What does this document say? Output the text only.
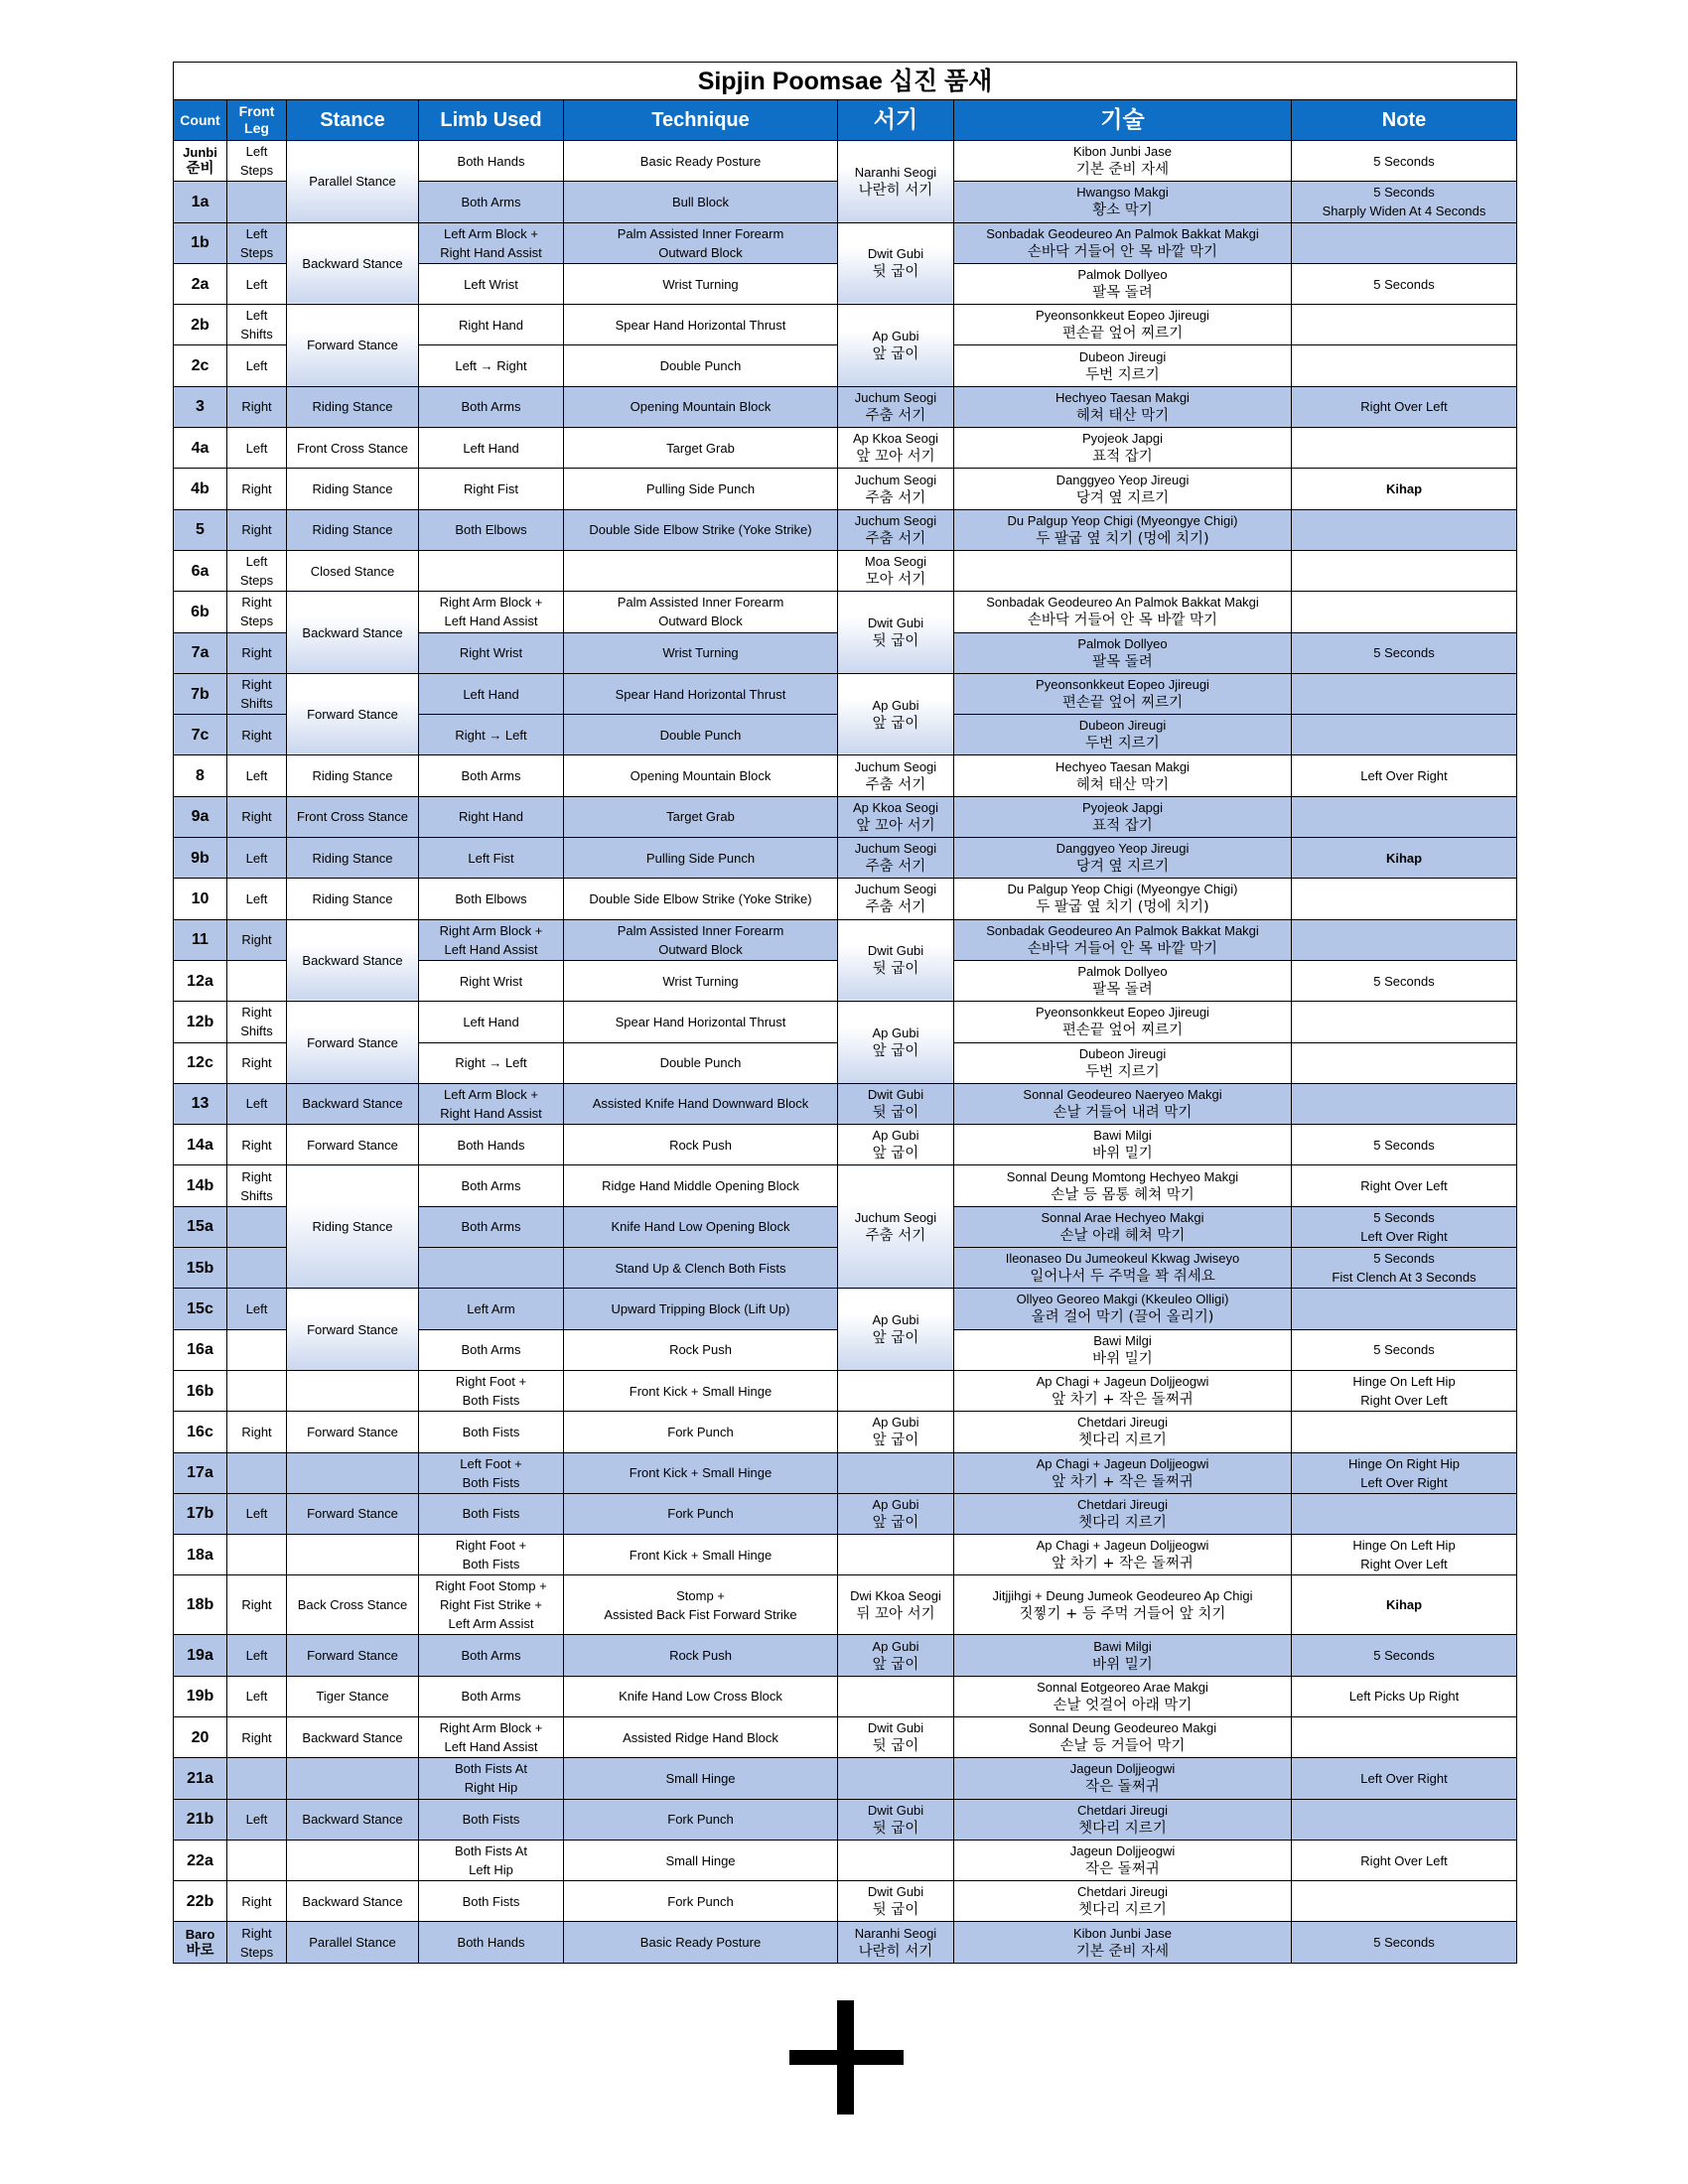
Sipjin Poomsae 십진 품새							
Count	Front Leg	Stance	Limb Used	Technique	서기	기술	Note

Junbi
준비	Left
Steps	Parallel Stance	Both Hands	Basic Ready Posture	Naranhi Seogi
나란히 서기	Kibon Junbi Jase
기본 준비 자세	5 Seconds

1a			Both Arms	Bull Block		Hwangso Makgi
황소 막기	5 Seconds
Sharply Widen At 4 Seconds

1b	Left
Steps	Backward Stance	Left Arm Block +
Right Hand Assist	Palm Assisted Inner Forearm
Outward Block	Dwit Gubi
뒷 굽이	Sonbadak Geodeureo An Palmok Bakkat Makgi
손바닥 거들어 안 목 바깥 막기	

2a	Left		Left Wrist	Wrist Turning		Palmok Dollyeo
팔목 돌려	5 Seconds

2b	Left
Shifts	Forward Stance	Right Hand	Spear Hand Horizontal Thrust	Ap Gubi
앞 굽이	Pyeonsonkkeut Eopeo Jjireugi
편손끝 엎어 찌르기	

2c	Left		Left → Right	Double Punch		Dubeon Jireugi
두번 지르기	

3	Right	Riding Stance	Both Arms	Opening Mountain Block	Juchum Seogi
주춤 서기	Hechyeo Taesan Makgi
헤쳐 태산 막기	Right Over Left

4a	Left	Front Cross Stance	Left Hand	Target Grab	Ap Kkoa Seogi
앞 꼬아 서기	Pyojeok Japgi
표적 잡기	

4b	Right	Riding Stance	Right Fist	Pulling Side Punch	Juchum Seogi
주춤 서기	Danggyeo Yeop Jireugi
당겨 옆 지르기	Kihap

5	Right	Riding Stance	Both Elbows	Double Side Elbow Strike (Yoke Strike)	Juchum Seogi
주춤 서기	Du Palgup Yeop Chigi (Myeongye Chigi)
두 팔굽 옆 치기 (멍에 치기)	

6a	Left
Steps	Closed Stance			Moa Seogi
모아 서기		

6b	Right
Steps	Backward Stance	Right Arm Block +
Left Hand Assist	Palm Assisted Inner Forearm
Outward Block	Dwit Gubi
뒷 굽이	Sonbadak Geodeureo An Palmok Bakkat Makgi
손바닥 거들어 안 목 바깥 막기	

7a	Right		Right Wrist	Wrist Turning		Palmok Dollyeo
팔목 돌려	5 Seconds

7b	Right
Shifts	Forward Stance	Left Hand	Spear Hand Horizontal Thrust	Ap Gubi
앞 굽이	Pyeonsonkkeut Eopeo Jjireugi
편손끝 엎어 찌르기	

7c	Right		Right → Left	Double Punch		Dubeon Jireugi
두번 지르기	

8	Left	Riding Stance	Both Arms	Opening Mountain Block	Juchum Seogi
주춤 서기	Hechyeo Taesan Makgi
헤쳐 태산 막기	Left Over Right

9a	Right	Front Cross Stance	Right Hand	Target Grab	Ap Kkoa Seogi
앞 꼬아 서기	Pyojeok Japgi
표적 잡기	

9b	Left	Riding Stance	Left Fist	Pulling Side Punch	Juchum Seogi
주춤 서기	Danggyeo Yeop Jireugi
당겨 옆 지르기	Kihap

10	Left	Riding Stance	Both Elbows	Double Side Elbow Strike (Yoke Strike)	Juchum Seogi
주춤 서기	Du Palgup Yeop Chigi (Myeongye Chigi)
두 팔굽 옆 치기 (멍에 치기)	

11	Right	Backward Stance	Right Arm Block +
Left Hand Assist	Palm Assisted Inner Forearm
Outward Block	Dwit Gubi
뒷 굽이	Sonbadak Geodeureo An Palmok Bakkat Makgi
손바닥 거들어 안 목 바깥 막기	

12a			Right Wrist	Wrist Turning		Palmok Dollyeo
팔목 돌려	5 Seconds

12b	Right
Shifts	Forward Stance	Left Hand	Spear Hand Horizontal Thrust	Ap Gubi
앞 굽이	Pyeonsonkkeut Eopeo Jjireugi
편손끝 엎어 찌르기	

12c	Right		Right → Left	Double Punch		Dubeon Jireugi
두번 지르기	

13	Left	Backward Stance	Left Arm Block +
Right Hand Assist	Assisted Knife Hand Downward Block	Dwit Gubi
뒷 굽이	Sonnal Geodeureo Naeryeo Makgi
손날 거들어 내려 막기	

14a	Right	Forward Stance	Both Hands	Rock Push	Ap Gubi
앞 굽이	Bawi Milgi
바위 밀기	5 Seconds

14b	Right
Shifts	Riding Stance	Both Arms	Ridge Hand Middle Opening Block	Juchum Seogi
주춤 서기	Sonnal Deung Momtong Hechyeo Makgi
손날 등 몸통 헤쳐 막기	Right Over Left

15a			Both Arms	Knife Hand Low Opening Block		Sonnal Arae Hechyeo Makgi
손날 아래 헤쳐 막기	5 Seconds
Left Over Right

15b				Stand Up & Clench Both Fists		Ileonaseo Du Jumeokeul Kkwag Jwiseyo
일어나서 두 주먹을 꽉 쥐세요	5 Seconds
Fist Clench At 3 Seconds

15c	Left	Forward Stance	Left Arm	Upward Tripping Block (Lift Up)	Ap Gubi
앞 굽이	Ollyeo Georeo Makgi (Kkeuleo Olligi)
올려 걸어 막기 (끌어 올리기)	

16a			Both Arms	Rock Push		Bawi Milgi
바위 밀기	5 Seconds

16b			Right Foot +
Both Fists	Front Kick + Small Hinge		Ap Chagi + Jageun Doljjeogwi
앞 차기 + 작은 돌쩌귀	Hinge On Left Hip
Right Over Left

16c	Right	Forward Stance	Both Fists	Fork Punch	Ap Gubi
앞 굽이	Chetdari Jireugi
쳇다리 지르기	

17a			Left Foot +
Both Fists	Front Kick + Small Hinge		Ap Chagi + Jageun Doljjeogwi
앞 차기 + 작은 돌쩌귀	Hinge On Right Hip
Left Over Right

17b	Left	Forward Stance	Both Fists	Fork Punch	Ap Gubi
앞 굽이	Chetdari Jireugi
쳇다리 지르기	

18a			Right Foot +
Both Fists	Front Kick + Small Hinge		Ap Chagi + Jageun Doljjeogwi
앞 차기 + 작은 돌쩌귀	Hinge On Left Hip
Right Over Left

18b	Right	Back Cross Stance	Right Foot Stomp +
Right Fist Strike +
Left Arm Assist	Stomp +
Assisted Back Fist Forward Strike	Dwi Kkoa Seogi
뒤 꼬아 서기	Jitjjihgi + Deung Jumeok Geodeureo Ap Chigi
짓찧기 + 등 주먹 거들어 앞 치기	Kihap

19a	Left	Forward Stance	Both Arms	Rock Push	Ap Gubi
앞 굽이	Bawi Milgi
바위 밀기	5 Seconds

19b	Left	Tiger Stance	Both Arms	Knife Hand Low Cross Block		Sonnal Eotgeoreo Arae Makgi
손날 엇걸어 아래 막기	Left Picks Up Right

20	Right	Backward Stance	Right Arm Block +
Left Hand Assist	Assisted Ridge Hand Block	Dwit Gubi
뒷 굽이	Sonnal Deung Geodeureo Makgi
손날 등 거들어 막기	

21a			Both Fists At
Right Hip	Small Hinge		Jageun Doljjeogwi
작은 돌쩌귀	Left Over Right

21b	Left	Backward Stance	Both Fists	Fork Punch	Dwit Gubi
뒷 굽이	Chetdari Jireugi
쳇다리 지르기	

22a			Both Fists At
Left Hip	Small Hinge		Jageun Doljjeogwi
작은 돌쩌귀	Right Over Left

22b	Right	Backward Stance	Both Fists	Fork Punch	Dwit Gubi
뒷 굽이	Chetdari Jireugi
쳇다리 지르기	

Baro
바로	Right
Steps	Parallel Stance	Both Hands	Basic Ready Posture	Naranhi Seogi
나란히 서기	Kibon Junbi Jase
기본 준비 자세	5 Seconds
